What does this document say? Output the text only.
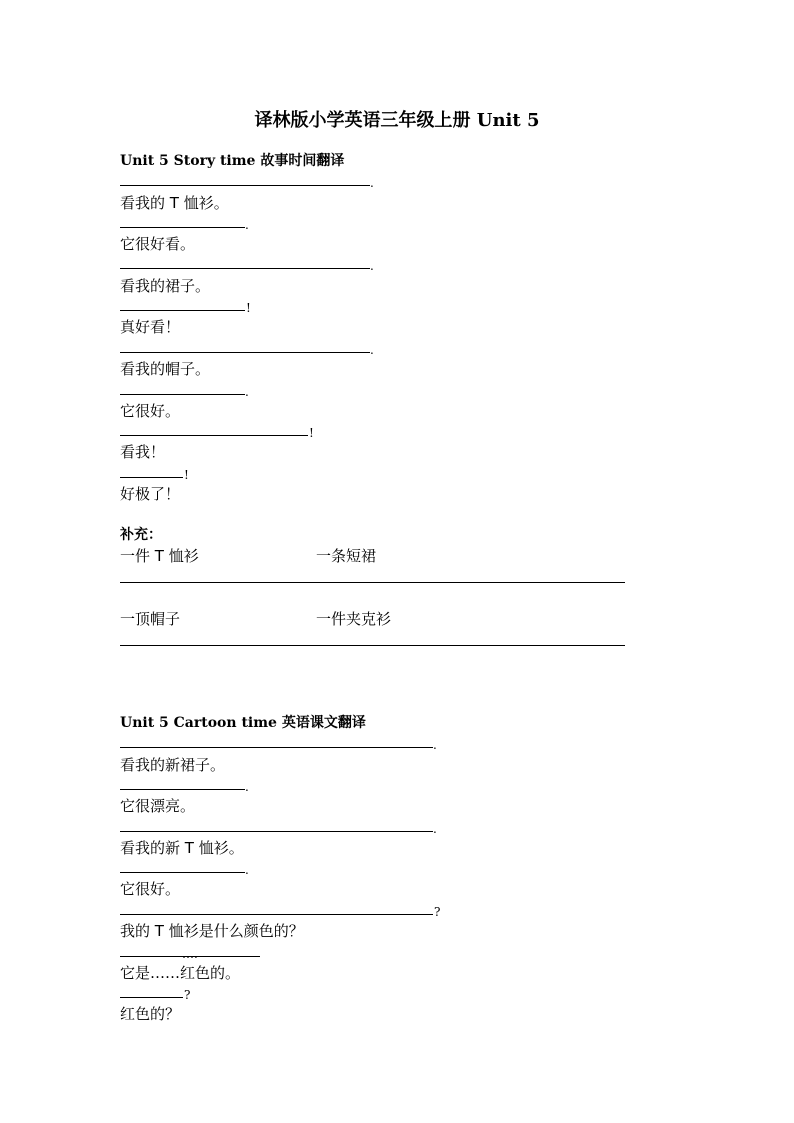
译林版小学英语三年级上册 Unit 5
Unit 5 Story time 故事时间翻译
.
看我的 T 恤衫。
.
它很好看。
.
看我的裙子。
!
真好看！
.
看我的帽子。
.
它很好。
!
看我！
!
好极了！
补充：
一件 T 恤衫	一条短裙
一顶帽子	一件夹克衫
Unit 5 Cartoon time 英语课文翻译
.
看我的新裙子。
.
它很漂亮。
.
看我的新 T 恤衫。
.
它很好。
?
我的 T 恤衫是什么颜色的？
….
它是……红色的。
?
红色的？
